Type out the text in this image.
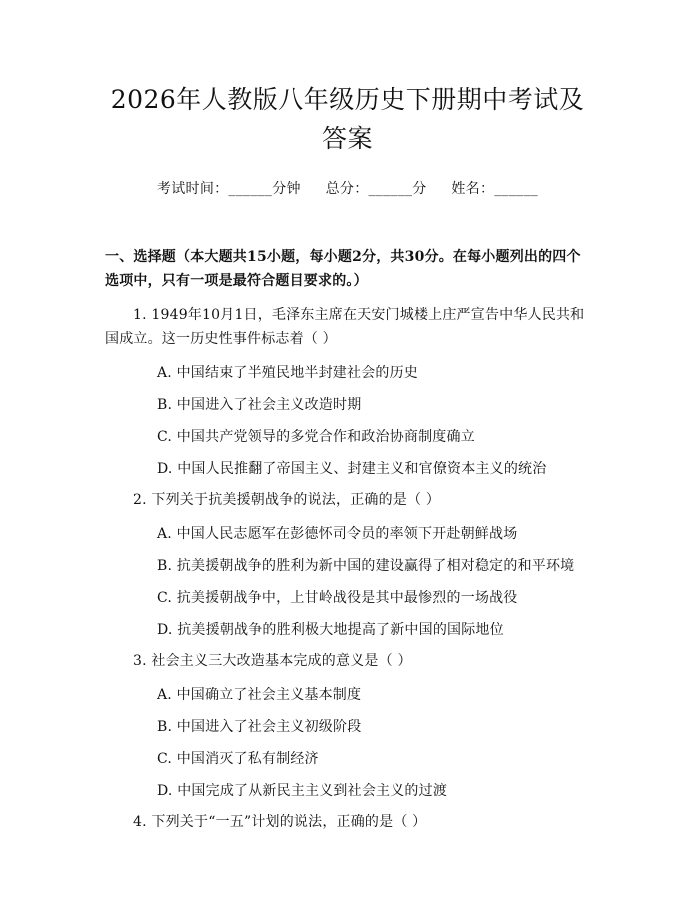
2026年人教版八年级历史下册期中考试及答案
考试时间：______分钟 总分：______分 姓名：______
一、选择题（本大题共15小题，每小题2分，共30分。在每小题列出的四个选项中，只有一项是最符合题目要求的。）
1. 1949年10月1日，毛泽东主席在天安门城楼上庄严宣告中华人民共和国成立。这一历史性事件标志着（ ）
A. 中国结束了半殖民地半封建社会的历史
B. 中国进入了社会主义改造时期
C. 中国共产党领导的多党合作和政治协商制度确立
D. 中国人民推翻了帝国主义、封建主义和官僚资本主义的统治
2. 下列关于抗美援朝战争的说法，正确的是（ ）
A. 中国人民志愿军在彭德怀司令员的率领下开赴朝鲜战场
B. 抗美援朝战争的胜利为新中国的建设赢得了相对稳定的和平环境
C. 抗美援朝战争中，上甘岭战役是其中最惨烈的一场战役
D. 抗美援朝战争的胜利极大地提高了新中国的国际地位
3. 社会主义三大改造基本完成的意义是（ ）
A. 中国确立了社会主义基本制度
B. 中国进入了社会主义初级阶段
C. 中国消灭了私有制经济
D. 中国完成了从新民主主义到社会主义的过渡
4. 下列关于“一五”计划的说法，正确的是（ ）
